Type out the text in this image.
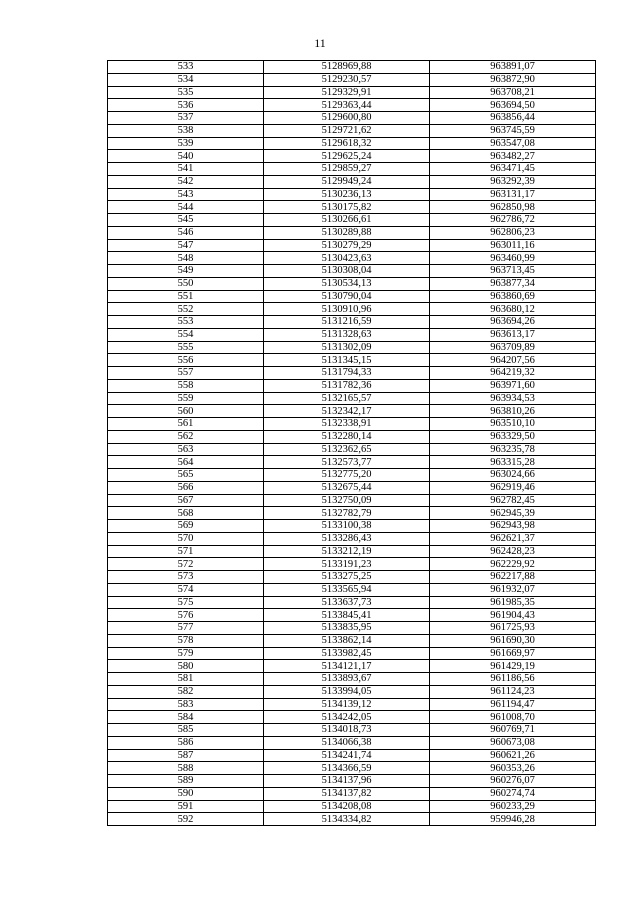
11
533	5128969,88	963891,07
534	5129230,57	963872,90
535	5129329,91	963708,21
536	5129363,44	963694,50
537	5129600,80	963856,44
538	5129721,62	963745,59
539	5129618,32	963547,08
540	5129625,24	963482,27
541	5129859,27	963471,45
542	5129949,24	963292,39
543	5130236,13	963131,17
544	5130175,82	962850,98
545	5130266,61	962786,72
546	5130289,88	962806,23
547	5130279,29	963011,16
548	5130423,63	963460,99
549	5130308,04	963713,45
550	5130534,13	963877,34
551	5130790,04	963860,69
552	5130910,96	963680,12
553	5131216,59	963694,26
554	5131328,63	963613,17
555	5131302,09	963709,89
556	5131345,15	964207,56
557	5131794,33	964219,32
558	5131782,36	963971,60
559	5132165,57	963934,53
560	5132342,17	963810,26
561	5132338,91	963510,10
562	5132280,14	963329,50
563	5132362,65	963235,78
564	5132573,77	963315,28
565	5132775,20	963024,66
566	5132675,44	962919,46
567	5132750,09	962782,45
568	5132782,79	962945,39
569	5133100,38	962943,98
570	5133286,43	962621,37
571	5133212,19	962428,23
572	5133191,23	962229,92
573	5133275,25	962217,88
574	5133565,94	961932,07
575	5133637,73	961985,35
576	5133845,41	961904,43
577	5133835,95	961725,93
578	5133862,14	961690,30
579	5133982,45	961669,97
580	5134121,17	961429,19
581	5133893,67	961186,56
582	5133994,05	961124,23
583	5134139,12	961194,47
584	5134242,05	961008,70
585	5134018,73	960769,71
586	5134066,38	960673,08
587	5134241,74	960621,26
588	5134366,59	960353,26
589	5134137,96	960276,07
590	5134137,82	960274,74
591	5134208,08	960233,29
592	5134334,82	959946,28
